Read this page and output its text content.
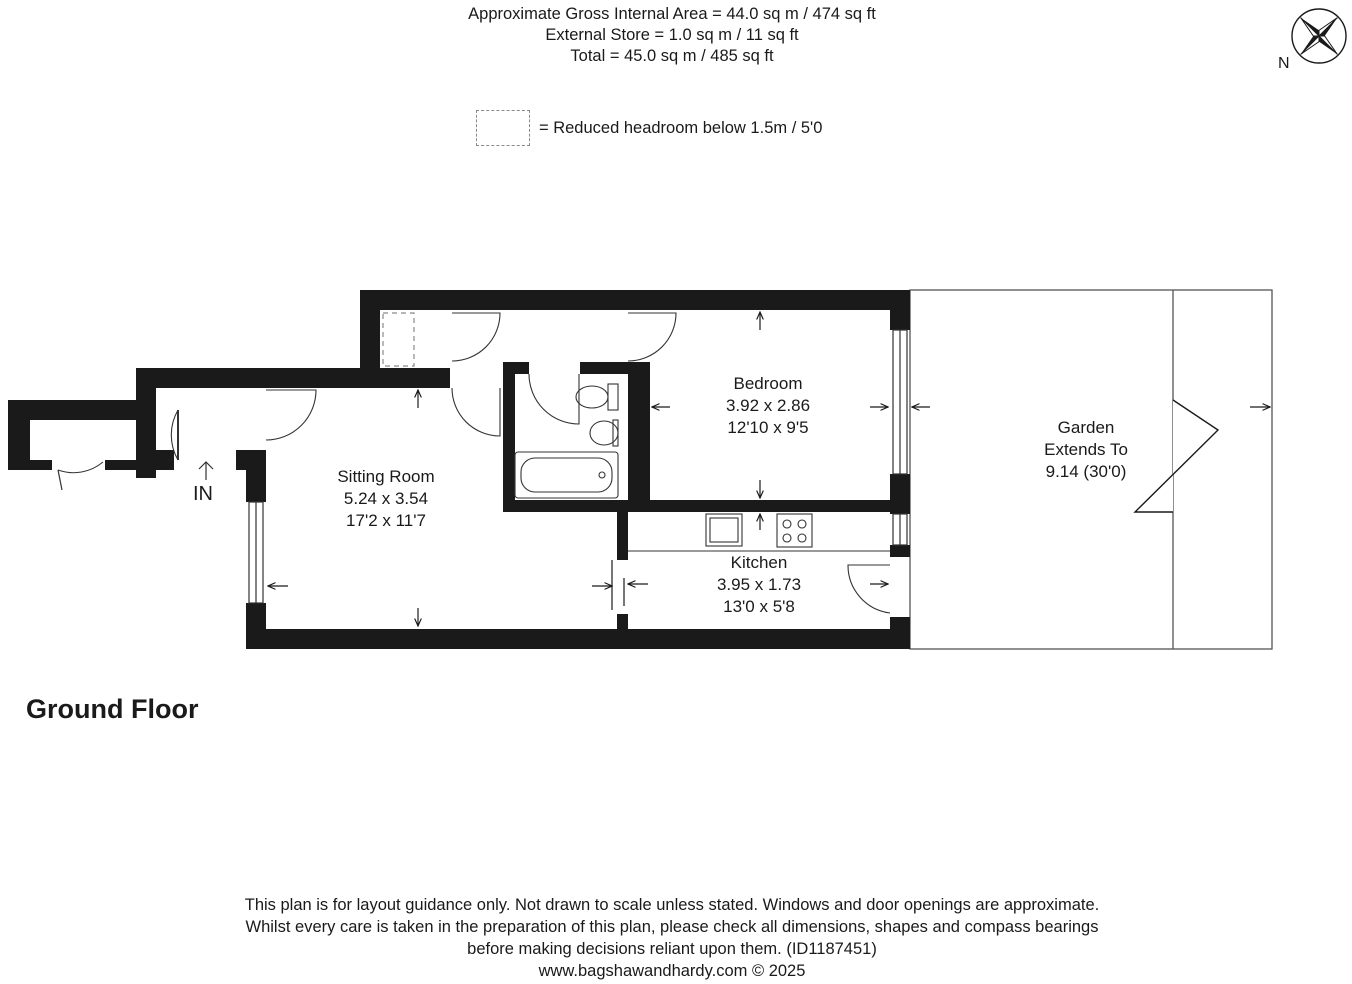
Approximate Gross Internal Area = 44.0 sq m / 474 sq ft
External Store = 1.0 sq m / 11 sq ft
Total = 45.0 sq m / 485 sq ft
= Reduced headroom below 1.5m / 5'0
N
Bedroom
3.92 x 2.86
12'10 x 9'5
Sitting Room
5.24 x 3.54
17'2 x 11'7
Kitchen
3.95 x 1.73
13'0 x 5'8
Garden
Extends To
9.14 (30'0)
IN
Ground Floor
This plan is for layout guidance only. Not drawn to scale unless stated. Windows and door openings are approximate.
Whilst every care is taken in the preparation of this plan, please check all dimensions, shapes and compass bearings
before making decisions reliant upon them. (ID1187451)
www.bagshawandhardy.com © 2025
